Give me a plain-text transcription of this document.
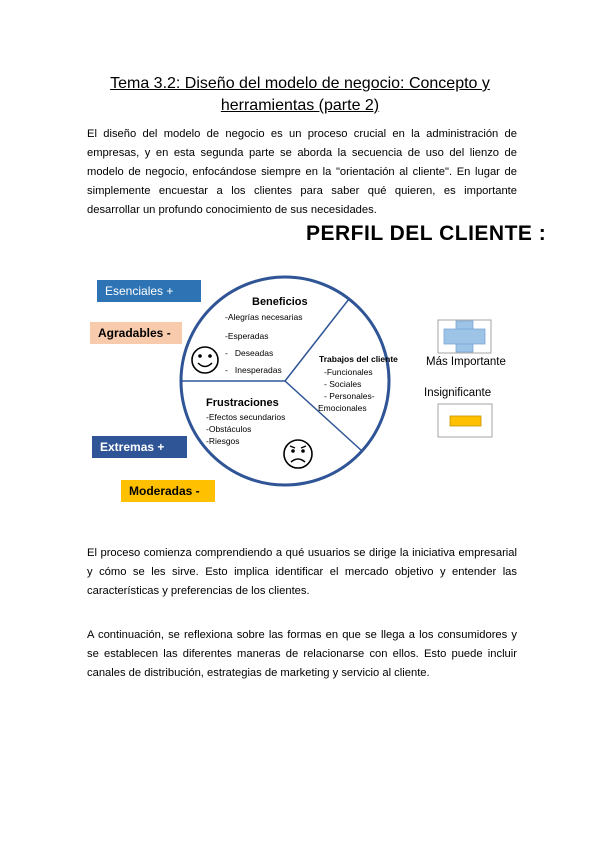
Tema 3.2: Diseño del modelo de negocio: Concepto y
herramientas (parte 2)

El diseño del modelo de negocio es un proceso crucial en la administración de empresas, y en esta segunda parte se aborda la secuencia de uso del lienzo de modelo de negocio, enfocándose siempre en la "orientación al cliente". En lugar de simplemente encuestar a los clientes para saber qué quieren, es importante desarrollar un profundo conocimiento de sus necesidades.

PERFIL DEL CLIENTE :
Esenciales +
Agradables -
Extremas +
Moderadas -
Beneficios
-Alegrías necesarias
-Esperadas
-   Deseadas
-   Inesperadas
Trabajos del cliente
-Funcionales
- Sociales
- Personales-
Emocionales
Frustraciones
-Efectos secundarios
-Obstáculos
-Riesgos
Más Importante
Insignificante

El proceso comienza comprendiendo a qué usuarios se dirige la iniciativa empresarial y cómo se les sirve. Esto implica identificar el mercado objetivo y entender las características y preferencias de los clientes.

A continuación, se reflexiona sobre las formas en que se llega a los consumidores y se establecen las diferentes maneras de relacionarse con ellos. Esto puede incluir canales de distribución, estrategias de marketing y servicio al cliente.
